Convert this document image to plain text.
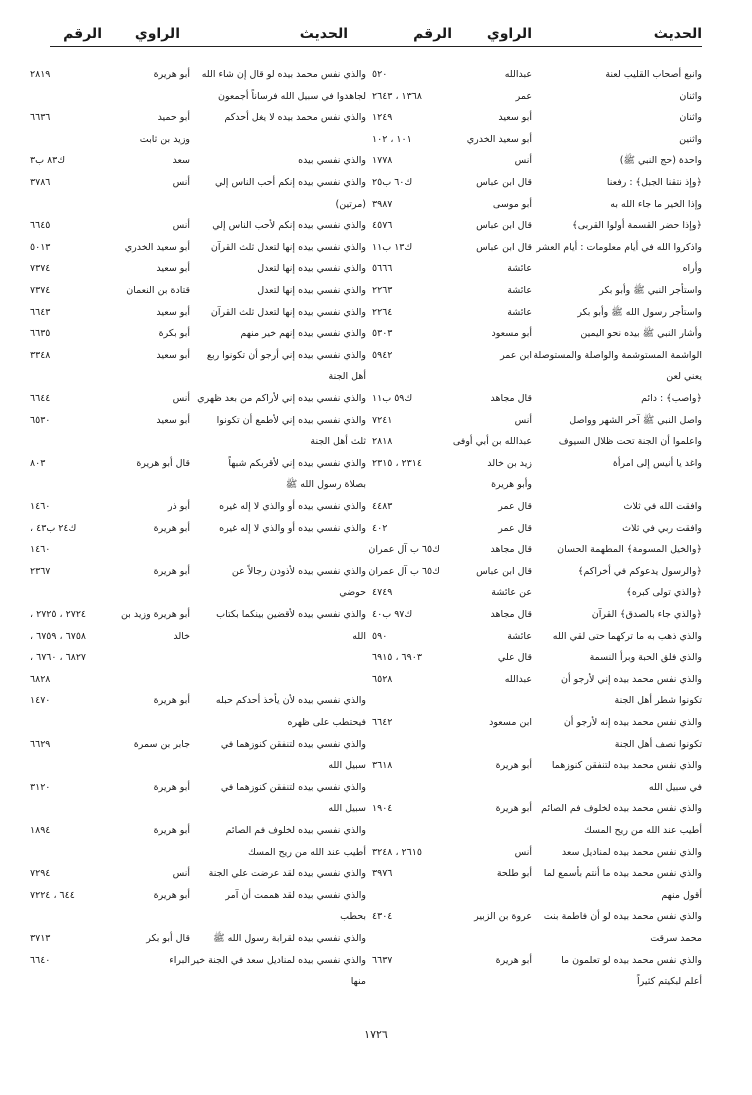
الحديث
الراوي
الرقم
الحديث
الراوي
الرقم
وانبع أصحاب القليب لعنة
عبدالله
٥٢٠
واثنان
عمر
١٣٦٨ ، ٢٦٤٣
واثنان
أبو سعيد
١٢٤٩
واثنين
أبو سعيد الخدري
١٠١ ، ١٠٢
واحدة (حج النبي ﷺ)
أنس
١٧٧٨
﴿وإذ نتقنا الجبل﴾ : رفعنا
قال ابن عباس
ك٦٠ ب٢٥
وإذا الخير ما جاء الله به
أبو موسى
٣٩٨٧
﴿وإذا حضر القسمة أولوا القربى﴾
قال ابن عباس
٤٥٧٦
واذكروا الله في أيام معلومات : أيام العشر
قال ابن عباس
ك١٣ ب١١
وأراه
عائشة
٥٦٦٦
واستأجر النبي ﷺ وأبو بكر
عائشة
٢٢٦٣
واستأجر رسول الله ﷺ وأبو بكر
عائشة
٢٢٦٤
وأشار النبي ﷺ بيده نحو اليمين
أبو مسعود
٥٣٠٣
الواشمة المستوشمة والواصلة والمستوصلة
ابن عمر
٥٩٤٢
يعني لعن
﴿واصب﴾ : دائم
قال مجاهد
ك٥٩ ب١١
واصل النبي ﷺ آخر الشهر وواصل
أنس
٧٢٤١
واعلموا أن الجنة تحت ظلال السيوف
عبدالله بن أبي أوفى
٢٨١٨
واغد يا أنيس إلى امرأة
زيد بن خالد
٢٣١٤ ، ٢٣١٥
وأبو هريرة
وافقت الله في ثلاث
قال عمر
٤٤٨٣
وافقت ربي في ثلاث
قال عمر
٤٠٢
﴿والخيل المسومة﴾ المطهمة الحسان
قال مجاهد
ك٦٥ ب آل عمران
﴿والرسول يدعوكم في أخراكم﴾
قال ابن عباس
ك٦٥ ب آل عمران
﴿والذي تولى كبره﴾
عن عائشة
٤٧٤٩
﴿والذي جاء بالصدق﴾ القرآن
قال مجاهد
ك٩٧ ب٤٠
والذي ذهب به ما تركهما حتى لقي الله
عائشة
٥٩٠
والذي فلق الحبة وبرأ النسمة
قال علي
٦٩٠٣ ، ٦٩١٥
والذي نفس محمد بيده إني لأرجو أن
عبدالله
٦٥٢٨
تكونوا شطر أهل الجنة
والذي نفس محمد بيده إنه لأرجو أن
ابن مسعود
٦٦٤٢
تكونوا نصف أهل الجنة
والذي نفس محمد بيده لتنفقن كنوزهما
أبو هريرة
٣٦١٨
في سبيل الله
والذي نفس محمد بيده لخلوف فم الصائم
أبو هريرة
١٩٠٤
أطيب عند الله من ريح المسك
والذي نفس محمد بيده لمناديل سعد
أنس
٢٦١٥ ، ٣٢٤٨
والذي نفس محمد بيده ما أنتم بأسمع لما
أبو طلحة
٣٩٧٦
أقول منهم
والذي نفس محمد بيده لو أن فاطمة بنت
عروة بن الزبير
٤٣٠٤
محمد سرقت
والذي نفس محمد بيده لو تعلمون ما
أبو هريرة
٦٦٣٧
أعلم لبكيتم كثيراً
والذي نفس محمد بيده لو قال إن شاء الله
أبو هريرة
٢٨١٩
لجاهدوا في سبيل الله فرساناً أجمعون
والذي نفس محمد بيده لا يغل أحدكم
أبو حميد
٦٦٣٦
وزيد بن ثابت
والذي نفسي بيده
سعد
ك٨٣ ب٣
والذي نفسي بيده إنكم أحب الناس إلي
أنس
٣٧٨٦
(مرتين)
والذي نفسي بيده إنكم لأحب الناس إلي
أنس
٦٦٤٥
والذي نفسي بيده إنها لتعدل ثلث القرآن
أبو سعيد الخدري
٥٠١٣
والذي نفسي بيده إنها لتعدل
أبو سعيد
٧٣٧٤
والذي نفسي بيده إنها لتعدل
قتادة بن النعمان
٧٣٧٤
والذي نفسي بيده إنها لتعدل ثلث القرآن
أبو سعيد
٦٦٤٣
والذي نفسي بيده إنهم خير منهم
أبو بكرة
٦٦٣٥
والذي نفسي بيده إني أرجو أن تكونوا ربع
أبو سعيد
٣٣٤٨
أهل الجنة
والذي نفسي بيده إني لأراكم من بعد ظهري
أنس
٦٦٤٤
والذي نفسي بيده إني لأطمع أن تكونوا
أبو سعيد
٦٥٣٠
ثلث أهل الجنة
والذي نفسي بيده إني لأقربكم شبهاً
قال أبو هريرة
٨٠٣
بصلاة رسول الله ﷺ
والذي نفسي بيده أو والذي لا إله غيره
أبو ذر
١٤٦٠
والذي نفسي بيده أو والذي لا إله غيره
أبو هريرة
ك٢٤ ب٤٣ ،
١٤٦٠
والذي نفسي بيده لأذودن رجالاً عن
أبو هريرة
٢٣٦٧
حوضي
والذي نفسي بيده لأقضين بينكما بكتاب
أبو هريرة وزيد بن
٢٧٢٤ ، ٢٧٢٥ ،
الله
خالد
٦٧٥٨ ، ٦٧٥٩ ،
٦٨٢٧ ، ٦٧٦٠ ،
٦٨٢٨
والذي نفسي بيده لأن يأخذ أحدكم حبله
أبو هريرة
١٤٧٠
فيحتطب على ظهره
والذي نفسي بيده لتنفقن كنوزهما في
جابر بن سمرة
٦٦٢٩
سبيل الله
والذي نفسي بيده لتنفقن كنوزهما في
أبو هريرة
٣١٢٠
سبيل الله
والذي نفسي بيده لخلوف فم الصائم
أبو هريرة
١٨٩٤
أطيب عند الله من ريح المسك
والذي نفسي بيده لقد عرضت علي الجنة
أنس
٧٢٩٤
والذي نفسي بيده لقد هممت أن آمر
أبو هريرة
٦٤٤ ، ٧٢٢٤
بحطب
والذي نفسي بيده لقرابة رسول الله ﷺ
قال أبو بكر
٣٧١٣
والذي نفسي بيده لمناديل سعد في الجنة خير
البراء
٦٦٤٠
منها
١٧٢٦
